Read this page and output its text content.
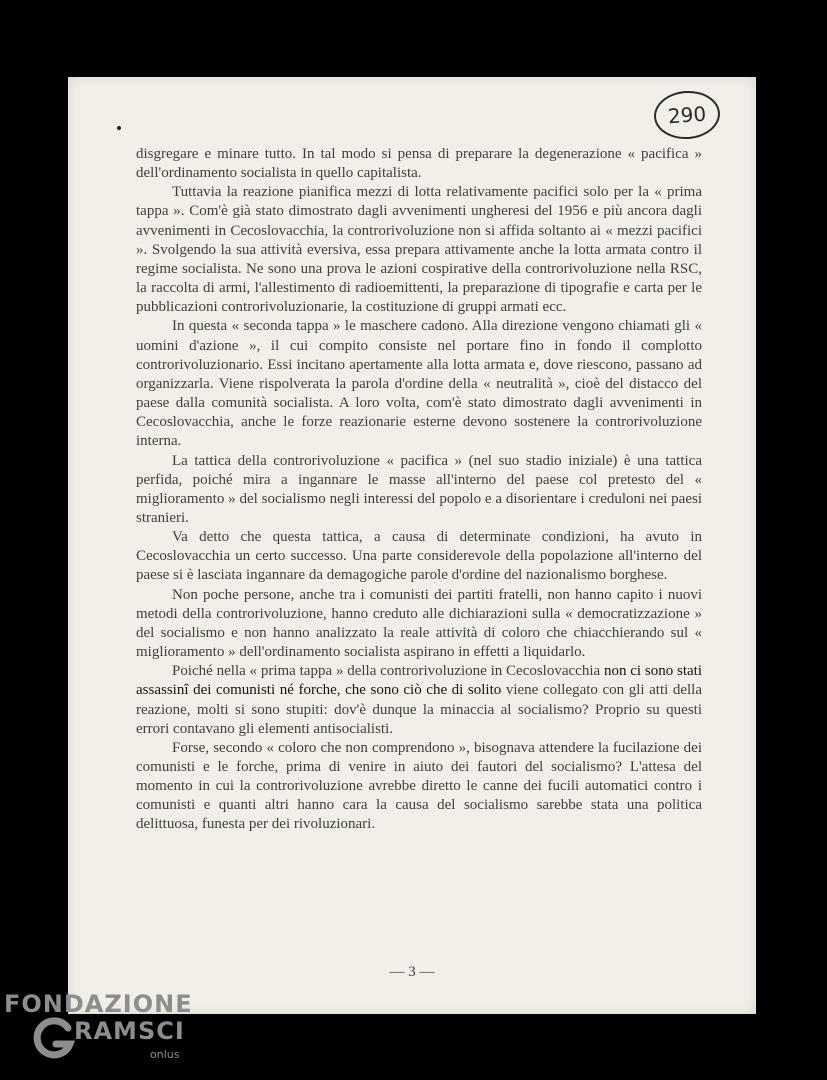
290

disgregare e minare tutto. In tal modo si pensa di preparare la degenerazione « pacifica » dell'ordinamento socialista in quello capitalista.

Tuttavia la reazione pianifica mezzi di lotta relativamente pacifici solo per la « prima tappa ». Com'è già stato dimostrato dagli avvenimenti ungheresi del 1956 e più ancora dagli avvenimenti in Cecoslovacchia, la controrivoluzione non si affida soltanto ai « mezzi pacifici ». Svolgendo la sua attività eversiva, essa prepara attivamente anche la lotta armata contro il regime socialista. Ne sono una prova le azioni cospirative della controrivoluzione nella RSC, la raccolta di armi, l'allestimento di radioemittenti, la preparazione di tipografie e carta per le pubblicazioni controrivoluzionarie, la costituzione di gruppi armati ecc.

In questa « seconda tappa » le maschere cadono. Alla direzione vengono chiamati gli « uomini d'azione », il cui compito consiste nel portare fino in fondo il complotto controrivoluzionario. Essi incitano apertamente alla lotta armata e, dove riescono, passano ad organizzarla. Viene rispolverata la parola d'ordine della « neutralità », cioè del distacco del paese dalla comunità socialista. A loro volta, com'è stato dimostrato dagli avvenimenti in Cecoslovacchia, anche le forze reazionarie esterne devono sostenere la controrivoluzione interna.

La tattica della controrivoluzione « pacifica » (nel suo stadio iniziale) è una tattica perfida, poiché mira a ingannare le masse all'interno del paese col pretesto del « miglioramento » del socialismo negli interessi del popolo e a disorientare i creduloni nei paesi stranieri.

Va detto che questa tattica, a causa di determinate condizioni, ha avuto in Cecoslovacchia un certo successo. Una parte considerevole della popolazione all'interno del paese si è lasciata ingannare da demagogiche parole d'ordine del nazionalismo borghese.

Non poche persone, anche tra i comunisti dei partiti fratelli, non hanno capito i nuovi metodi della controrivoluzione, hanno creduto alle dichiarazioni sulla « democratizzazione » del socialismo e non hanno analizzato la reale attività di coloro che chiacchierando sul « miglioramento » dell'ordinamento socialista aspirano in effetti a liquidarlo.

Poiché nella « prima tappa » della controrivoluzione in Cecoslovacchia non ci sono stati assassinî dei comunisti né forche, che sono ciò che di solito viene collegato con gli atti della reazione, molti si sono stupiti: dov'è dunque la minaccia al socialismo? Proprio su questi errori contavano gli elementi antisocialisti.

Forse, secondo « coloro che non comprendono », bisognava attendere la fucilazione dei comunisti e le forche, prima di venire in aiuto dei fautori del socialismo? L'attesa del momento in cui la controrivoluzione avrebbe diretto le canne dei fucili automatici contro i comunisti e quanti altri hanno cara la causa del socialismo sarebbe stata una politica delittuosa, funesta per dei rivoluzionari.

— 3 —
FONDAZIONE
RAMSCI
onlus
